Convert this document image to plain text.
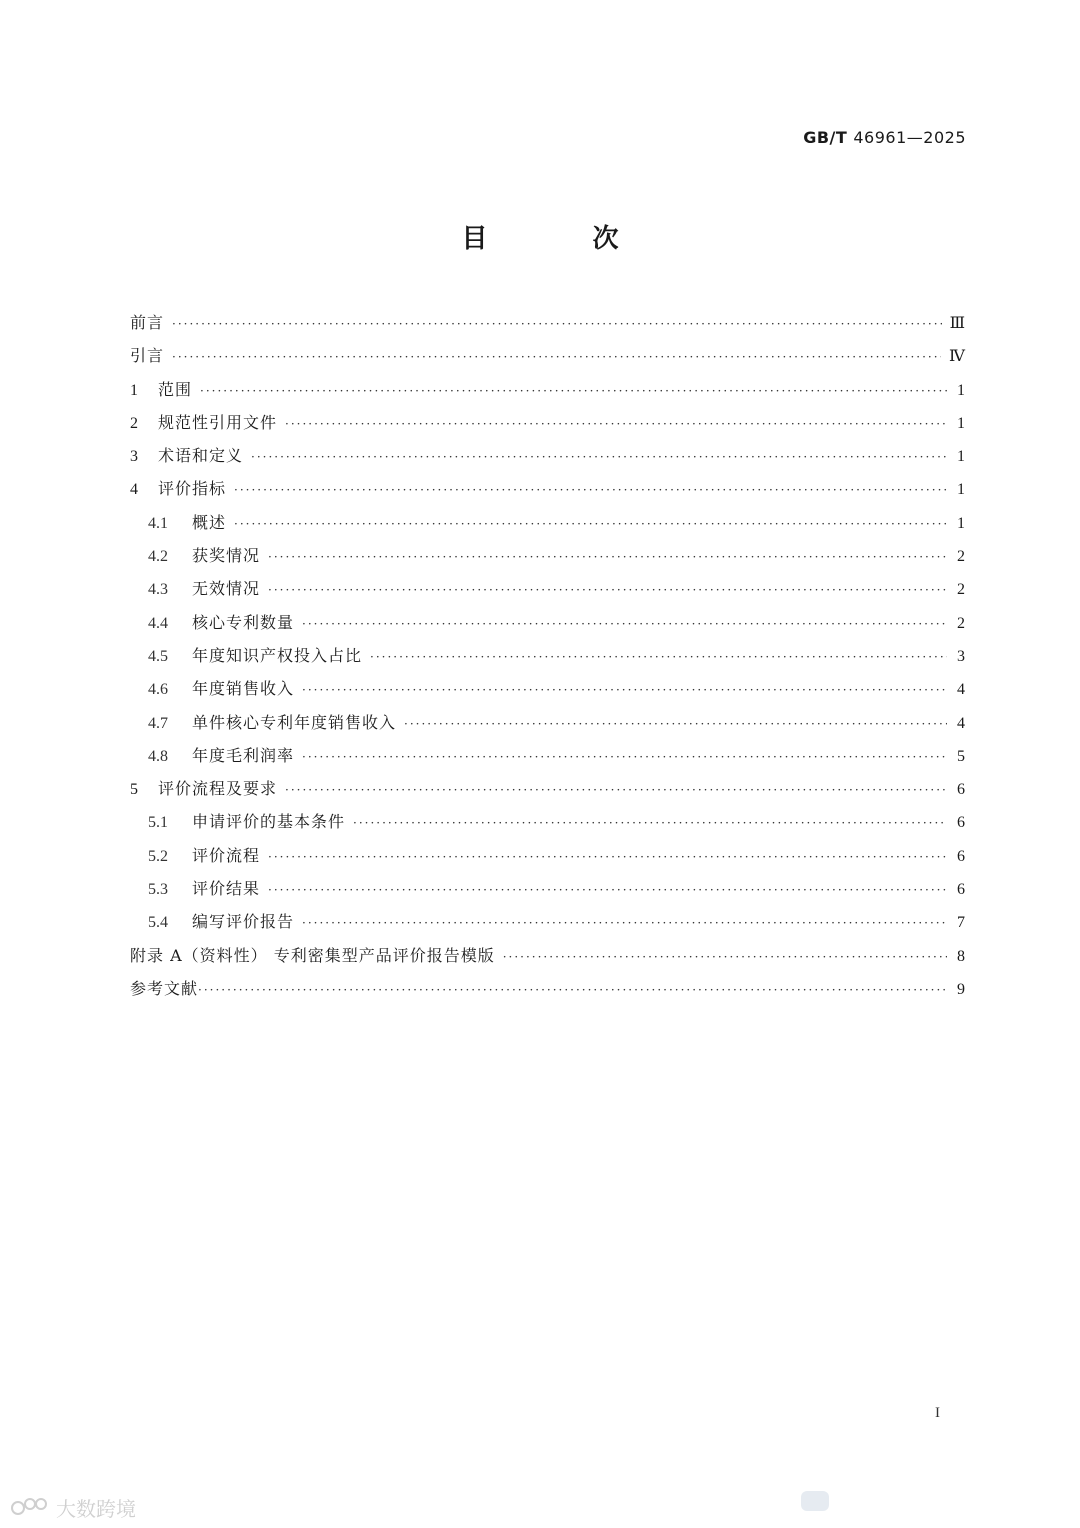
GB/T 46961—2025
目 次
前言 ·····	Ⅲ
引言 ·····	Ⅳ
1	范围 ·····	1
2	规范性引用文件 ·····	1
3	术语和定义 ·····	1
4	评价指标 ·····	1
4.1	概述 ·····	1
4.2	获奖情况 ·····	2
4.3	无效情况 ·····	2
4.4	核心专利数量 ·····	2
4.5	年度知识产权投入占比 ·····	3
4.6	年度销售收入 ·····	4
4.7	单件核心专利年度销售收入 ·····	4
4.8	年度毛利润率 ·····	5
5	评价流程及要求 ·····	6
5.1	申请评价的基本条件 ·····	6
5.2	评价流程 ·····	6
5.3	评价结果 ·····	6
5.4	编写评价报告 ·····	7
附录 A（资料性） 专利密集型产品评价报告模版 ·····	8
参考文献 ·····	9
I
大数跨境
